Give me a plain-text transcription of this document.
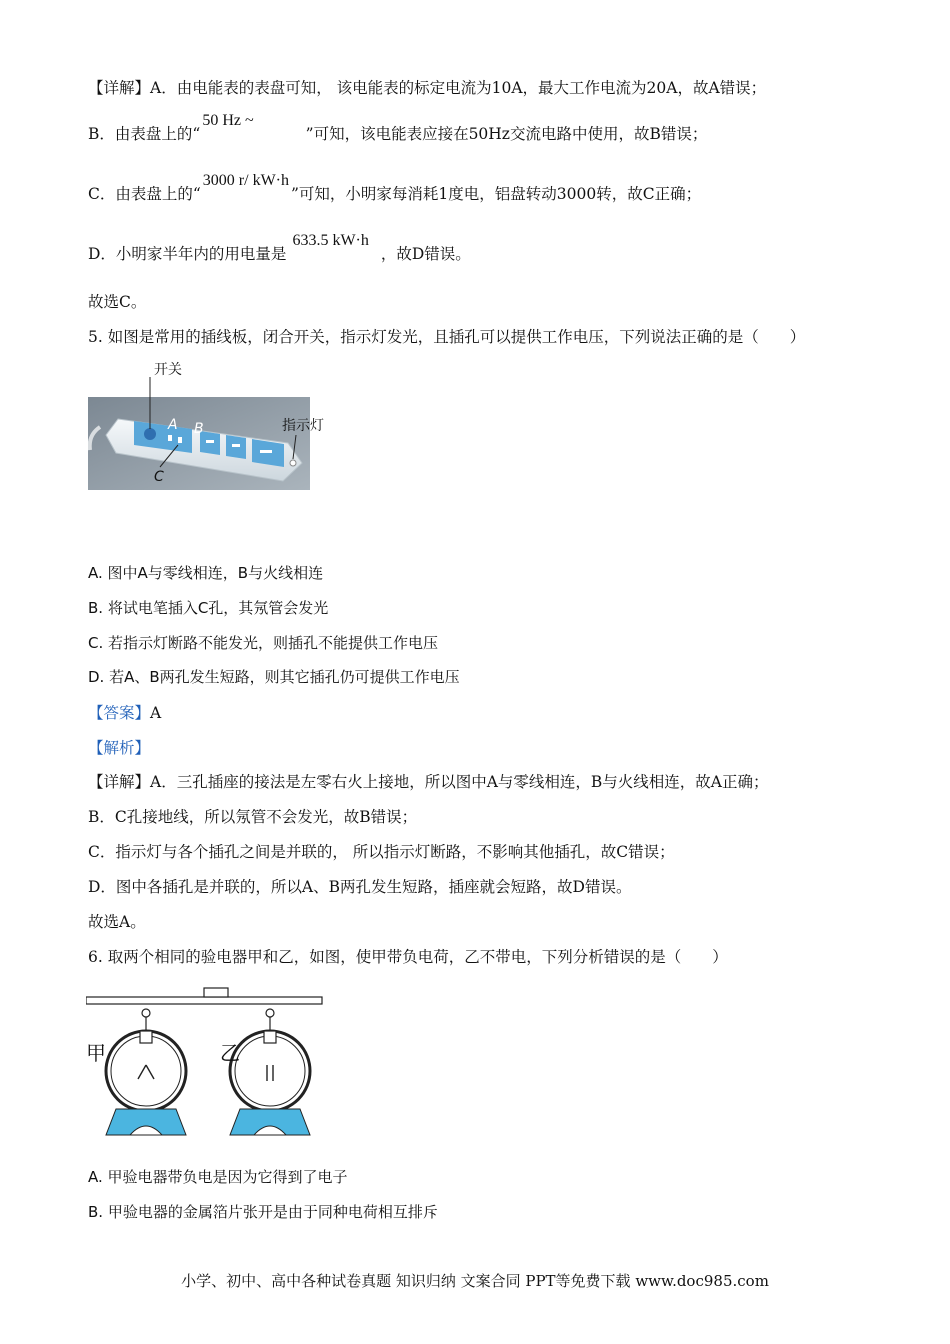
【详解】A．由电能表的表盘可知， 该电能表的标定电流为10A，最大工作电流为20A，故A错误；
B．由表盘上的“50 Hz ~”可知，该电能表应接在50Hz交流电路中使用，故B错误；
C．由表盘上的“3000 r/ kW·h”可知，小明家每消耗1度电，铝盘转动3000转，故C正确；
D．小明家半年内的用电量是633.5 kW·h，故D错误。
故选C。
5. 如图是常用的插线板，闭合开关，指示灯发光，且插孔可以提供工作电压，下列说法正确的是（　　）
开关
指示灯
A B
C
A. 图中A与零线相连，B与火线相连
B. 将试电笔插入C孔，其氖管会发光
C. 若指示灯断路不能发光，则插孔不能提供工作电压
D. 若A、B两孔发生短路，则其它插孔仍可提供工作电压
【答案】A
【解析】
【详解】A．三孔插座的接法是左零右火上接地，所以图中A与零线相连，B与火线相连，故A正确；
B．C孔接地线，所以氖管不会发光，故B错误；
C．指示灯与各个插孔之间是并联的， 所以指示灯断路，不影响其他插孔，故C错误；
D．图中各插孔是并联的，所以A、B两孔发生短路，插座就会短路，故D错误。
故选A。
6. 取两个相同的验电器甲和乙，如图，使甲带负电荷，乙不带电，下列分析错误的是（　　）
甲	乙
A. 甲验电器带负电是因为它得到了电子
B. 甲验电器的金属箔片张开是由于同种电荷相互排斥
小学、初中、高中各种试卷真题 知识归纳 文案合同 PPT等免费下载 www.doc985.com
